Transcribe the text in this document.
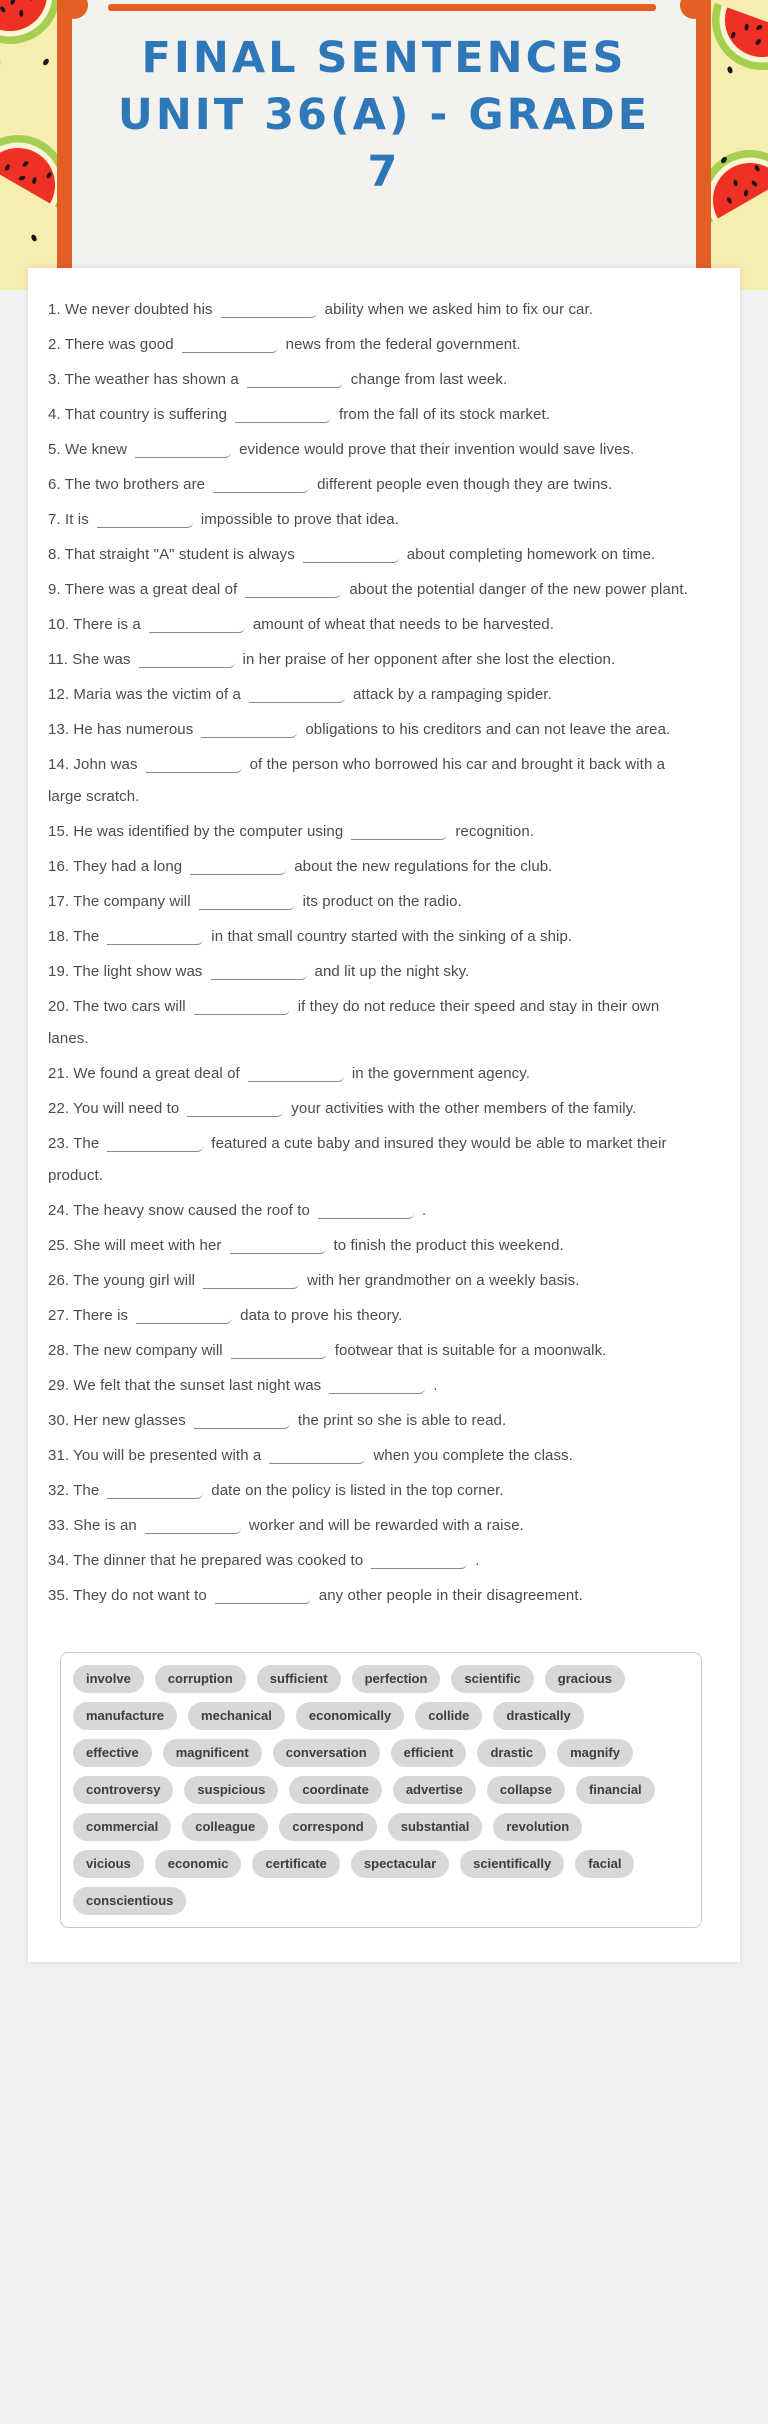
FINAL SENTENCES
UNIT 36(A) - GRADE
7

1. We never doubted his	ability when we asked him to fix our car.

2. There was good	news from the federal government.

3. The weather has shown a	change from last week.

4. That country is suffering	from the fall of its stock market.

5. We knew	evidence would prove that their invention would save lives.

6. The two brothers are	different people even though they are twins.

7. It is	impossible to prove that idea.

8. That straight "A" student is always	about completing homework on time.

9. There was a great deal of	about the potential danger of the new power plant.

10. There is a	amount of wheat that needs to be harvested.

11. She was	in her praise of her opponent after she lost the election.

12. Maria was the victim of a	attack by a rampaging spider.

13. He has numerous	obligations to his creditors and can not leave the area.

14. John was	of the person who borrowed his car and brought it back with a large scratch.

15. He was identified by the computer using	recognition.

16. They had a long	about the new regulations for the club.

17. The company will	its product on the radio.

18. The	in that small country started with the sinking of a ship.

19. The light show was	and lit up the night sky.

20. The two cars will	if they do not reduce their speed and stay in their own lanes.

21. We found a great deal of	in the government agency.

22. You will need to	your activities with the other members of the family.

23. The	featured a cute baby and insured they would be able to market their product.

24. The heavy snow caused the roof to	.

25. She will meet with her	to finish the product this weekend.

26. The young girl will	with her grandmother on a weekly basis.

27. There is	data to prove his theory.

28. The new company will	footwear that is suitable for a moonwalk.

29. We felt that the sunset last night was	.

30. Her new glasses	the print so she is able to read.

31. You will be presented with a	when you complete the class.

32. The	date on the policy is listed in the top corner.

33. She is an	worker and will be rewarded with a raise.

34. The dinner that he prepared was cooked to	.

35. They do not want to	any other people in their disagreement.

involve	corruption	sufficient	perfection	scientific	gracious
manufacture	mechanical	economically	collide	drastically
effective	magnificent	conversation	efficient	drastic	magnify
controversy	suspicious	coordinate	advertise	collapse	financial
commercial	colleague	correspond	substantial	revolution
vicious	economic	certificate	spectacular	scientifically	facial
conscientious
